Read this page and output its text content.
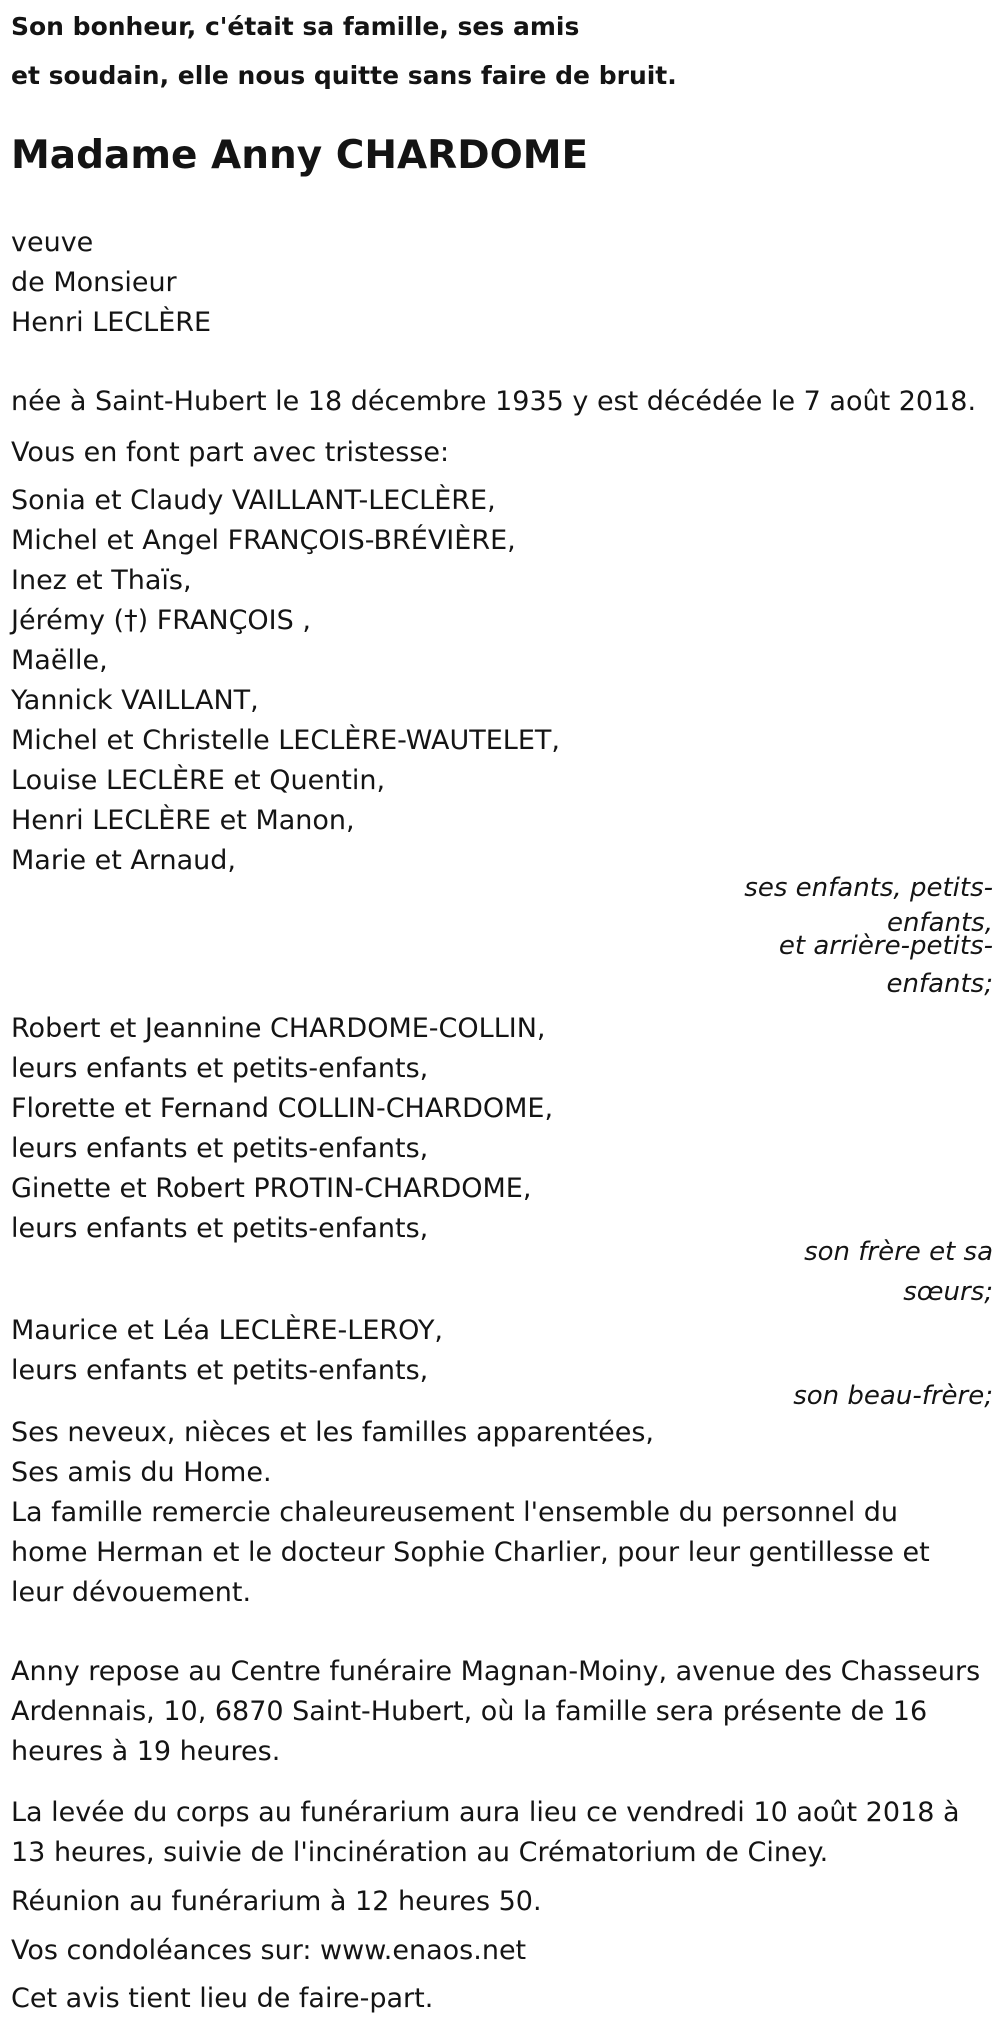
Son bonheur, c'était sa famille, ses amis
et soudain, elle nous quitte sans faire de bruit.
Madame Anny CHARDOME
veuve
de Monsieur
Henri LECLÈRE
née à Saint-Hubert le 18 décembre 1935 y est décédée le 7 août 2018.
Vous en font part avec tristesse:
Sonia et Claudy VAILLANT-LECLÈRE,
Michel et Angel FRANÇOIS-BRÉVIÈRE,
Inez et Thaïs,
Jérémy (†) FRANÇOIS ,
Maëlle,
Yannick VAILLANT,
Michel et Christelle LECLÈRE-WAUTELET,
Louise LECLÈRE et Quentin,
Henri LECLÈRE et Manon,
Marie et Arnaud,
ses enfants, petits-
enfants,
et arrière-petits-
enfants;
Robert et Jeannine CHARDOME-COLLIN,
leurs enfants et petits-enfants,
Florette et Fernand COLLIN-CHARDOME,
leurs enfants et petits-enfants,
Ginette et Robert PROTIN-CHARDOME,
leurs enfants et petits-enfants,
son frère et sa
sœurs;
Maurice et Léa LECLÈRE-LEROY,
leurs enfants et petits-enfants,
son beau-frère;
Ses neveux, nièces et les familles apparentées,
Ses amis du Home.
La famille remercie chaleureusement l'ensemble du personnel du home Herman et le docteur Sophie Charlier, pour leur gentillesse et leur dévouement.
Anny repose au Centre funéraire Magnan-Moiny, avenue des Chasseurs Ardennais, 10, 6870 Saint-Hubert, où la famille sera présente de 16 heures à 19 heures.
La levée du corps au funérarium aura lieu ce vendredi 10 août 2018 à 13 heures, suivie de l'incinération au Crématorium de Ciney.
Réunion au funérarium à 12 heures 50.
Vos condoléances sur: www.enaos.net
Cet avis tient lieu de faire-part.
